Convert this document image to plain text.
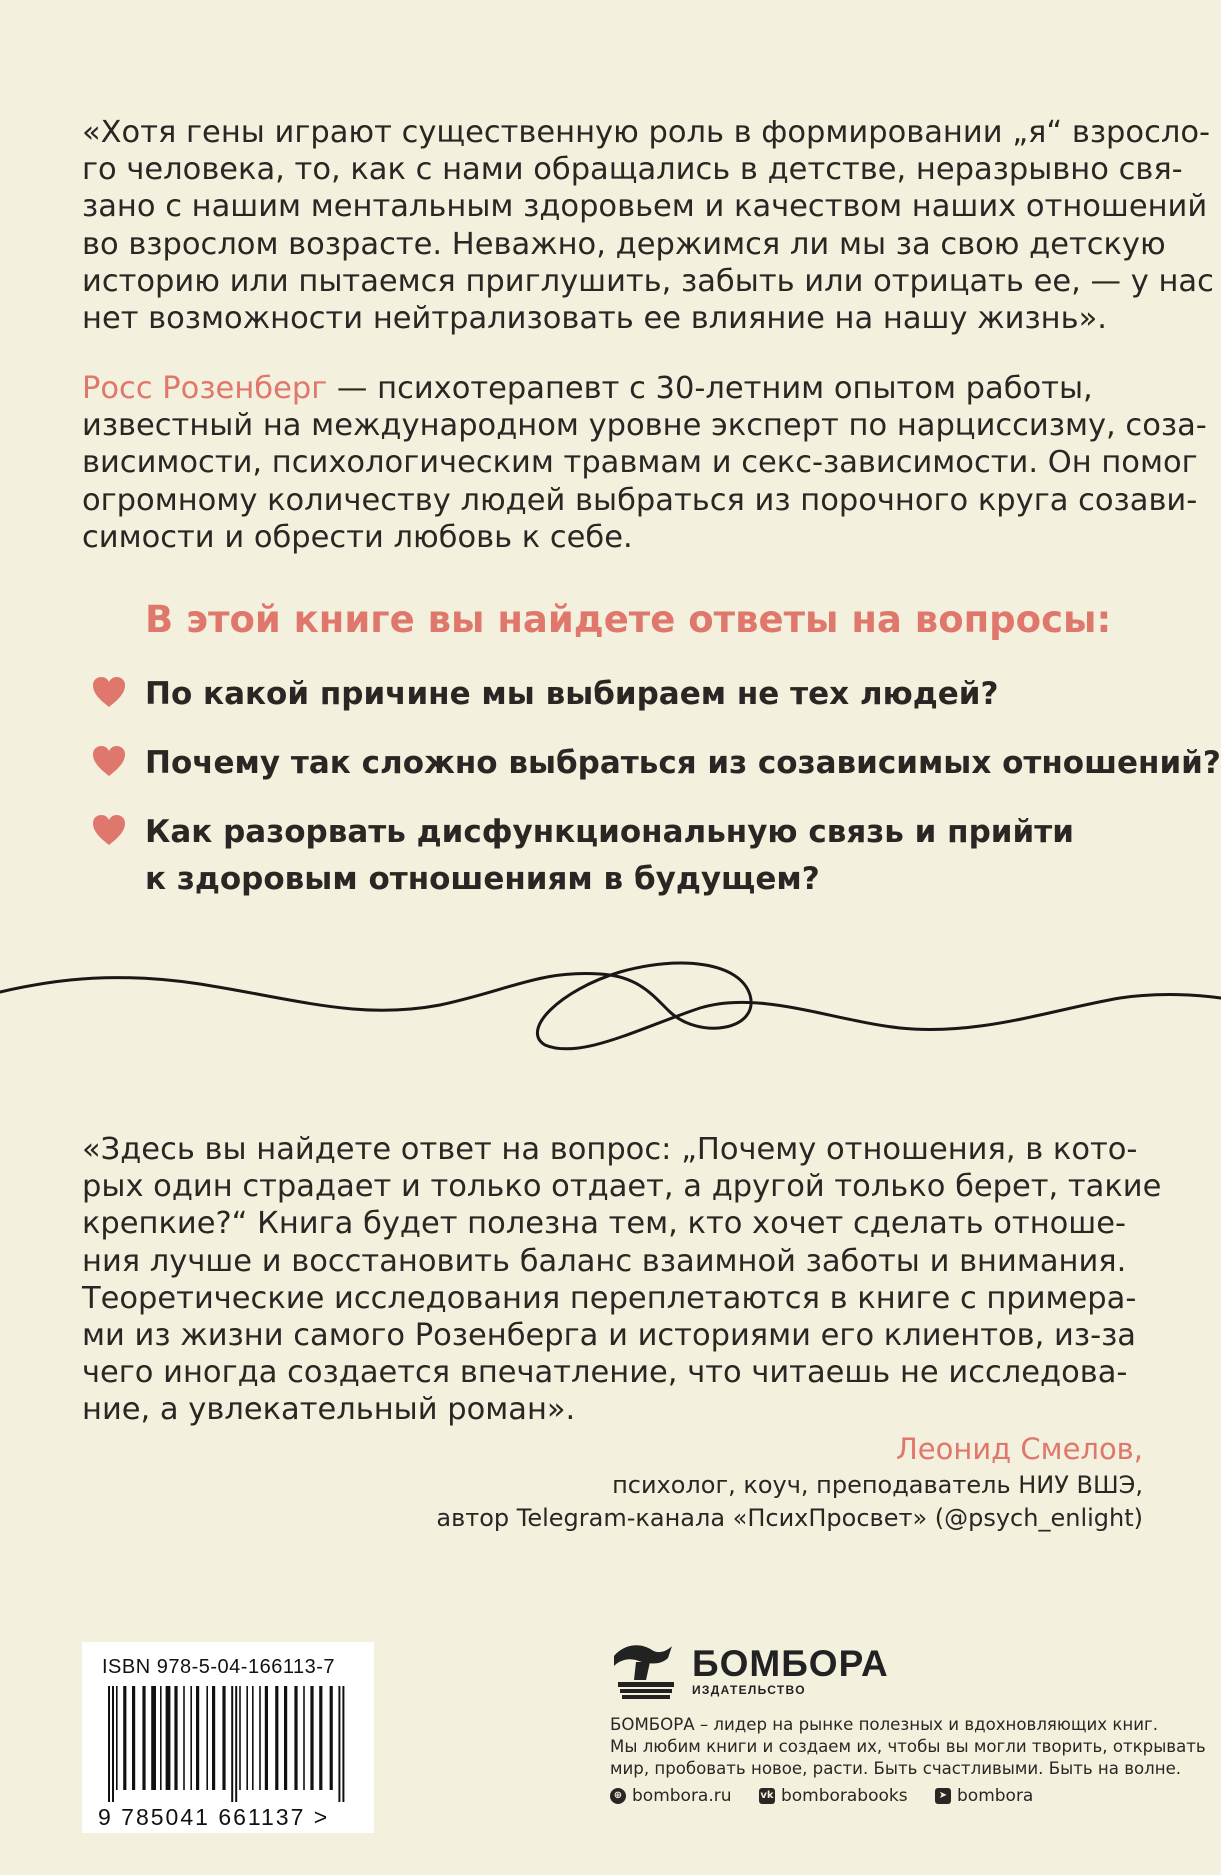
«Хотя гены играют существенную роль в формировании „я“ взросло-
го человека, то, как с нами обращались в детстве, неразрывно свя-
зано с нашим ментальным здоровьем и качеством наших отношений
во взрослом возрасте. Неважно, держимся ли мы за свою детскую
историю или пытаемся приглушить, забыть или отрицать ее, — у нас
нет возможности нейтрализовать ее влияние на нашу жизнь».
Росс Розенберг — психотерапевт с 30-летним опытом работы,
известный на международном уровне эксперт по нарциссизму, соза-
висимости, психологическим травмам и секс-зависимости. Он помог
огромному количеству людей выбраться из порочного круга созави-
симости и обрести любовь к себе.
В этой книге вы найдете ответы на вопросы:
По какой причине мы выбираем не тех людей?
Почему так сложно выбраться из созависимых отношений?
Как разорвать дисфункциональную связь и прийти
к здоровым отношениям в будущем?
«Здесь вы найдете ответ на вопрос: „Почему отношения, в кото-
рых один страдает и только отдает, а другой только берет, такие
крепкие?“ Книга будет полезна тем, кто хочет сделать отноше-
ния лучше и восстановить баланс взаимной заботы и внимания.
Теоретические исследования переплетаются в книге с примера-
ми из жизни самого Розенберга и историями его клиентов, из-за
чего иногда создается впечатление, что читаешь не исследова-
ние, а увлекательный роман».
Леонид Смелов,
психолог, коуч, преподаватель НИУ ВШЭ,
автор Telegram-канала «ПсихПросвет» (@psych_enlight)
ISBN 978-5-04-166113-7
9 785041 661137 >
БОМБОРА
ИЗДАТЕЛЬСТВО
БОМБОРА – лидер на рынке полезных и вдохновляющих книг.
Мы любим книги и создаем их, чтобы вы могли творить, открывать
мир, пробовать новое, расти. Быть счастливыми. Быть на волне.
⊕ bombora.ru
	vk bomborabooks
	➤ bombora
